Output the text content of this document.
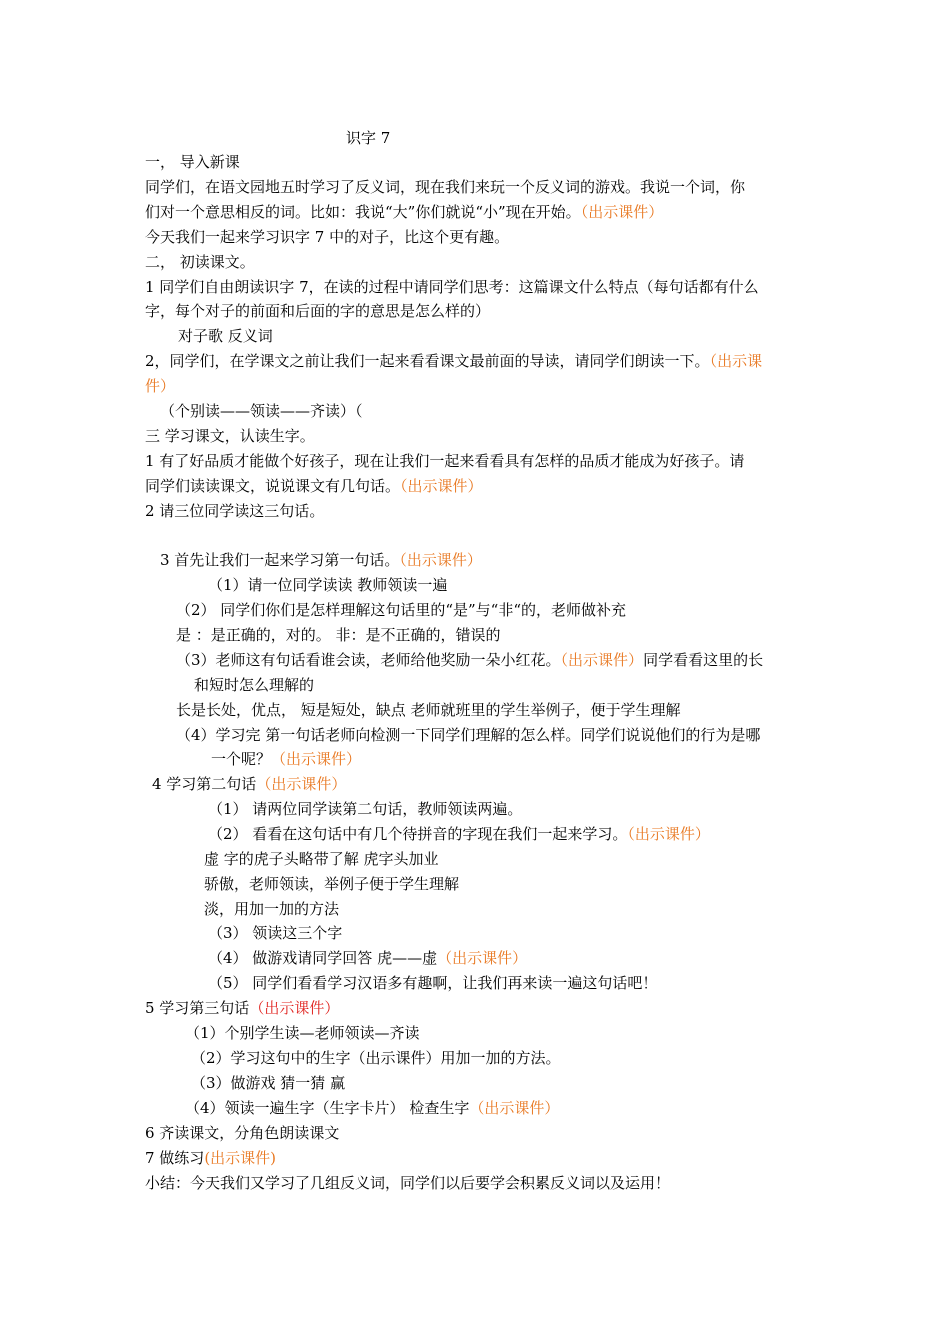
识字 7
一， 导入新课
同学们，在语文园地五时学习了反义词，现在我们来玩一个反义词的游戏。我说一个词，你
们对一个意思相反的词。比如：我说“大”你们就说“小”现在开始。（出示课件）
今天我们一起来学习识字 7 中的对子，比这个更有趣。
二， 初读课文。
1 同学们自由朗读识字 7，在读的过程中请同学们思考：这篇课文什么特点（每句话都有什么
字，每个对子的前面和后面的字的意思是怎么样的）
对子歌 反义词
2，同学们，在学课文之前让我们一起来看看课文最前面的导读，请同学们朗读一下。（出示课
件）
（个别读——领读——齐读）（
三 学习课文，认读生字。
1 有了好品质才能做个好孩子，现在让我们一起来看看具有怎样的品质才能成为好孩子。请
同学们读读课文，说说课文有几句话。（出示课件）
2 请三位同学读这三句话。
3 首先让我们一起来学习第一句话。（出示课件）
（1）请一位同学读读 教师领读一遍
（2） 同学们你们是怎样理解这句话里的“是”与“非“的，老师做补充
是 ：是正确的，对的。 非：是不正确的，错误的
（3）老师这有句话看谁会读，老师给他奖励一朵小红花。（出示课件）同学看看这里的长
和短时怎么理解的
长是长处，优点， 短是短处，缺点 老师就班里的学生举例子，便于学生理解
（4）学习完 第一句话老师向检测一下同学们理解的怎么样。同学们说说他们的行为是哪
一个呢？（出示课件）
4 学习第二句话（出示课件）
（1） 请两位同学读第二句话，教师领读两遍。
（2） 看看在这句话中有几个待拼音的字现在我们一起来学习。（出示课件）
虚 字的虎子头略带了解 虎字头加业
骄傲，老师领读，举例子便于学生理解
淡，用加一加的方法
（3） 领读这三个字
（4） 做游戏请同学回答 虎——虚（出示课件）
（5） 同学们看看学习汉语多有趣啊，让我们再来读一遍这句话吧！
5 学习第三句话（出示课件）
（1）个别学生读—老师领读—齐读
（2）学习这句中的生字（出示课件）用加一加的方法。
（3）做游戏 猜一猜 赢
（4）领读一遍生字（生字卡片） 检查生字（出示课件）
6 齐读课文，分角色朗读课文
7 做练习(出示课件)
小结：今天我们又学习了几组反义词，同学们以后要学会积累反义词以及运用！
